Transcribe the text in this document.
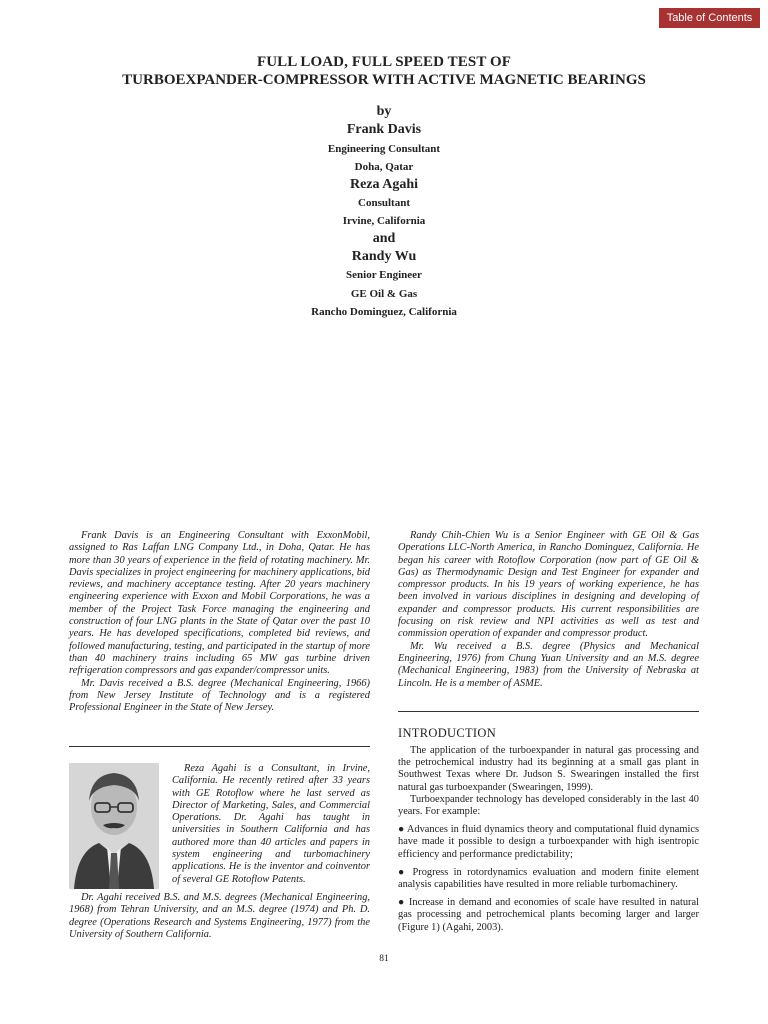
Table of Contents
FULL LOAD, FULL SPEED TEST OF
TURBOEXPANDER-COMPRESSOR WITH ACTIVE MAGNETIC BEARINGS
by
Frank Davis
Engineering Consultant
Doha, Qatar
Reza Agahi
Consultant
Irvine, California
and
Randy Wu
Senior Engineer
GE Oil & Gas
Rancho Dominguez, California

Frank Davis is an Engineering Consultant with ExxonMobil, assigned to Ras Laffan LNG Company Ltd., in Doha, Qatar. He has more than 30 years of experience in the field of rotating machinery. Mr. Davis specializes in project engineering for machinery applications, bid reviews, and machinery acceptance testing. After 20 years machinery engineering experience with Exxon and Mobil Corporations, he was a member of the Project Task Force managing the engineering and construction of four LNG plants in the State of Qatar over the past 10 years. He has developed specifications, completed bid reviews, and followed manufacturing, testing, and participated in the startup of more than 40 machinery trains including 65 MW gas turbine driven refrigeration compressors and gas expander/compressor units.

Mr. Davis received a B.S. degree (Mechanical Engineering, 1966) from New Jersey Institute of Technology and is a registered Professional Engineer in the State of New Jersey.

Reza Agahi is a Consultant, in Irvine, California. He recently retired after 33 years with GE Rotoflow where he last served as Director of Marketing, Sales, and Commercial Operations. Dr. Agahi has taught in universities in Southern California and has authored more than 40 articles and papers in system engineering and turbomachinery applications. He is the inventor and coinventor of several GE Rotoflow Patents.

Dr. Agahi received B.S. and M.S. degrees (Mechanical Engineering, 1968) from Tehran University, and an M.S. degree (1974) and Ph. D. degree (Operations Research and Systems Engineering, 1977) from the University of Southern California.

Randy Chih-Chien Wu is a Senior Engineer with GE Oil & Gas Operations LLC-North America, in Rancho Dominguez, California. He began his career with Rotoflow Corporation (now part of GE Oil & Gas) as Thermodynamic Design and Test Engineer for expander and compressor products. In his 19 years of working experience, he has been involved in various disciplines in designing and developing of expander and compressor products. His current responsibilities are focusing on risk review and NPI activities as well as test and commission operation of expander and compressor product.

Mr. Wu received a B.S. degree (Physics and Mechanical Engineering, 1976) from Chung Yuan University and an M.S. degree (Mechanical Engineering, 1983) from the University of Nebraska at Lincoln. He is a member of ASME.

INTRODUCTION

The application of the turboexpander in natural gas processing and the petrochemical industry had its beginning at a small gas plant in Southwest Texas where Dr. Judson S. Swearingen installed the first natural gas turboexpander (Swearingen, 1999).

Turboexpander technology has developed considerably in the last 40 years. For example:

● Advances in fluid dynamics theory and computational fluid dynamics have made it possible to design a turboexpander with high isentropic efficiency and performance predictability;

● Progress in rotordynamics evaluation and modern finite element analysis capabilities have resulted in more reliable turbomachinery.

● Increase in demand and economies of scale have resulted in natural gas processing and petrochemical plants becoming larger and larger (Figure 1) (Agahi, 2003).

81
